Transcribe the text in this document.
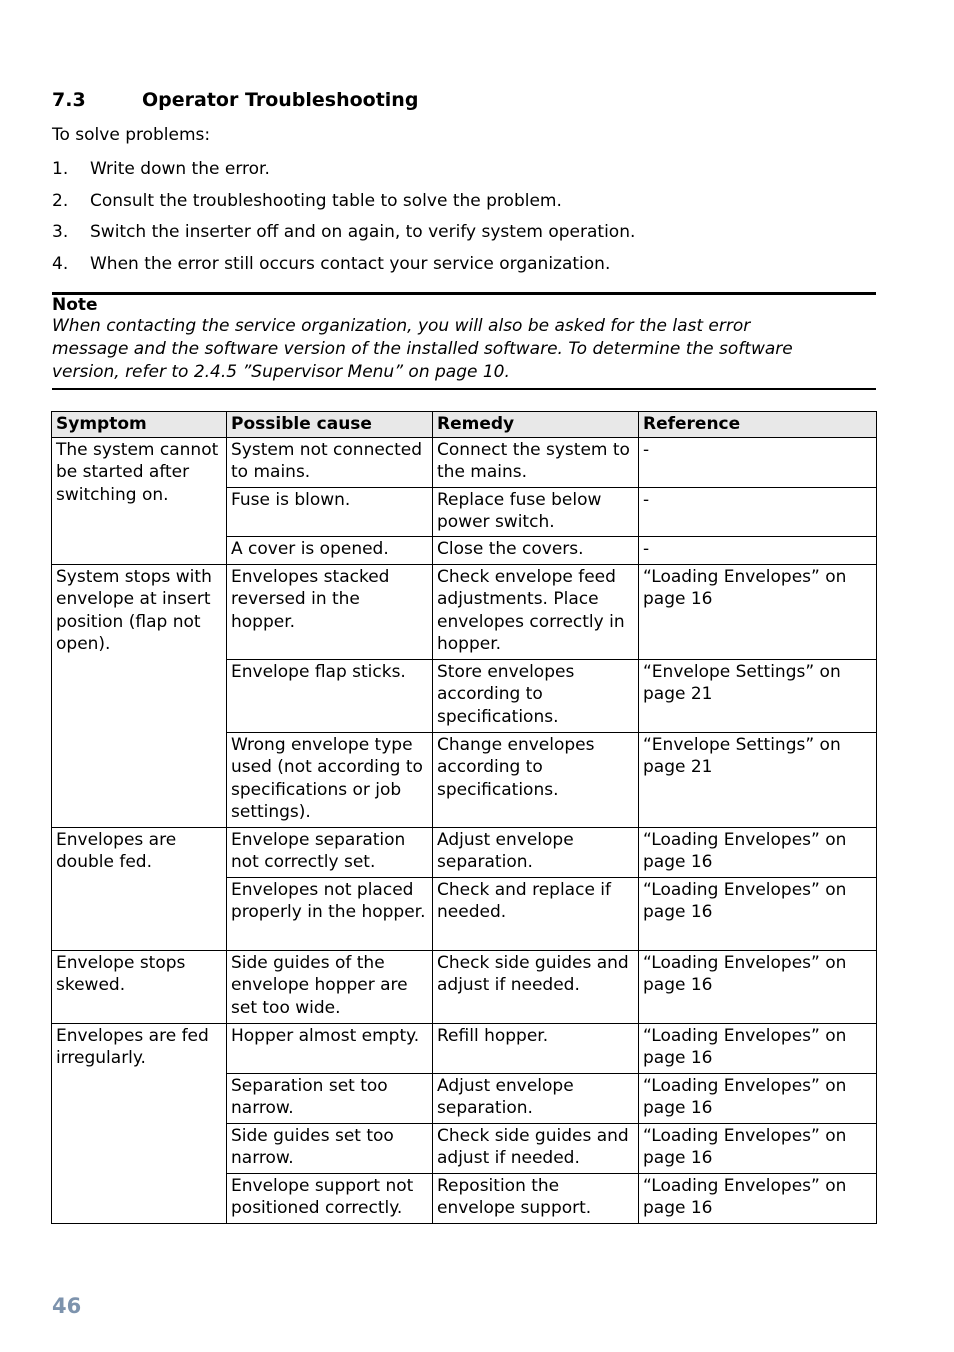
7.3	Operator Troubleshooting
To solve problems:
1. Write down the error.
2. Consult the troubleshooting table to solve the problem.
3. Switch the inserter off and on again, to verify system operation.
4. When the error still occurs contact your service organization.
Note
When contacting the service organization, you will also be asked for the last error
message and the software version of the installed software. To determine the software
version, refer to 2.4.5 ”Supervisor Menu” on page 10.
Symptom	Possible cause	Remedy	Reference
The system cannot be started after switching on.	System not connected to mains.	Connect the system to the mains.	-
	Fuse is blown.	Replace fuse below power switch.	-
	A cover is opened.	Close the covers.	-
System stops with envelope at insert position (flap not open).	Envelopes stacked reversed in the hopper.	Check envelope feed adjustments. Place envelopes correctly in hopper.	“Loading Envelopes” on page 16
	Envelope flap sticks.	Store envelopes according to specifications.	“Envelope Settings” on page 21
	Wrong envelope type used (not according to specifications or job settings).	Change envelopes according to specifications.	“Envelope Settings” on page 21
Envelopes are double fed.	Envelope separation not correctly set.	Adjust envelope separation.	“Loading Envelopes” on page 16
	Envelopes not placed properly in the hopper.	Check and replace if needed.	“Loading Envelopes” on page 16
Envelope stops skewed.	Side guides of the envelope hopper are set too wide.	Check side guides and adjust if needed.	“Loading Envelopes” on page 16
Envelopes are fed irregularly.	Hopper almost empty.	Refill hopper.	“Loading Envelopes” on page 16
	Separation set too narrow.	Adjust envelope separation.	“Loading Envelopes” on page 16
	Side guides set too narrow.	Check side guides and adjust if needed.	“Loading Envelopes” on page 16
	Envelope support not positioned correctly.	Reposition the envelope support.	“Loading Envelopes” on page 16
46
